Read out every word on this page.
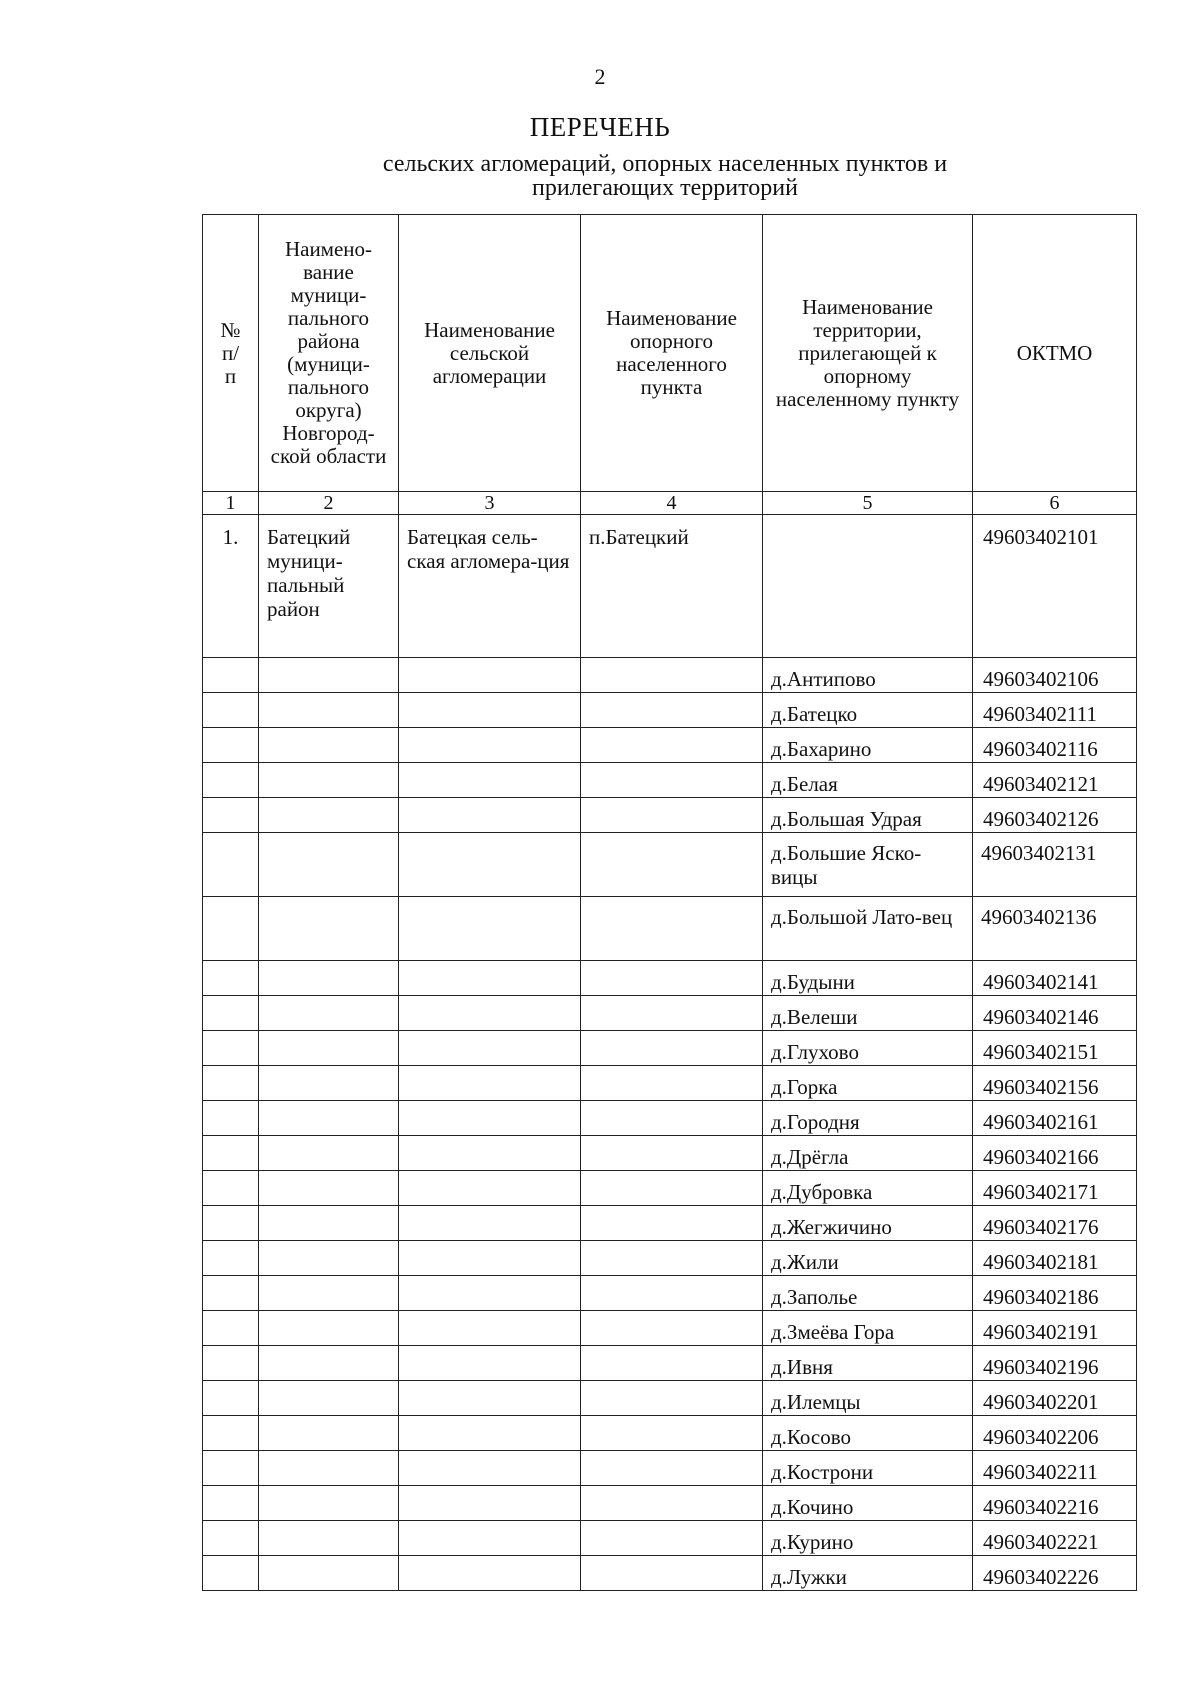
2
ПЕРЕЧЕНЬ
сельских агломераций, опорных населенных пунктов и
прилегающих территорий
№ п/п	Наимено-вание муници-пального района (муници-пального округа) Новгород-ской области	Наименование сельской агломерации	Наименование опорного населенного пункта	Наименование территории, прилегающей к опорному населенному пункту	ОКТМО
1	2	3	4	5	6
1.	Батецкий муници-пальный район	Батецкая сель-ская агломера-ция	п.Батецкий		49603402101
				д.Антипово	49603402106
				д.Батецко	49603402111
				д.Бахарино	49603402116
				д.Белая	49603402121
				д.Большая Удрая	49603402126
				д.Большие Яско-вицы	49603402131
				д.Большой Лато-вец	49603402136
				д.Будыни	49603402141
				д.Велеши	49603402146
				д.Глухово	49603402151
				д.Горка	49603402156
				д.Городня	49603402161
				д.Дрёгла	49603402166
				д.Дубровка	49603402171
				д.Жегжичино	49603402176
				д.Жили	49603402181
				д.Заполье	49603402186
				д.Змеёва Гора	49603402191
				д.Ивня	49603402196
				д.Илемцы	49603402201
				д.Косово	49603402206
				д.Кострони	49603402211
				д.Кочино	49603402216
				д.Курино	49603402221
				д.Лужки	49603402226
